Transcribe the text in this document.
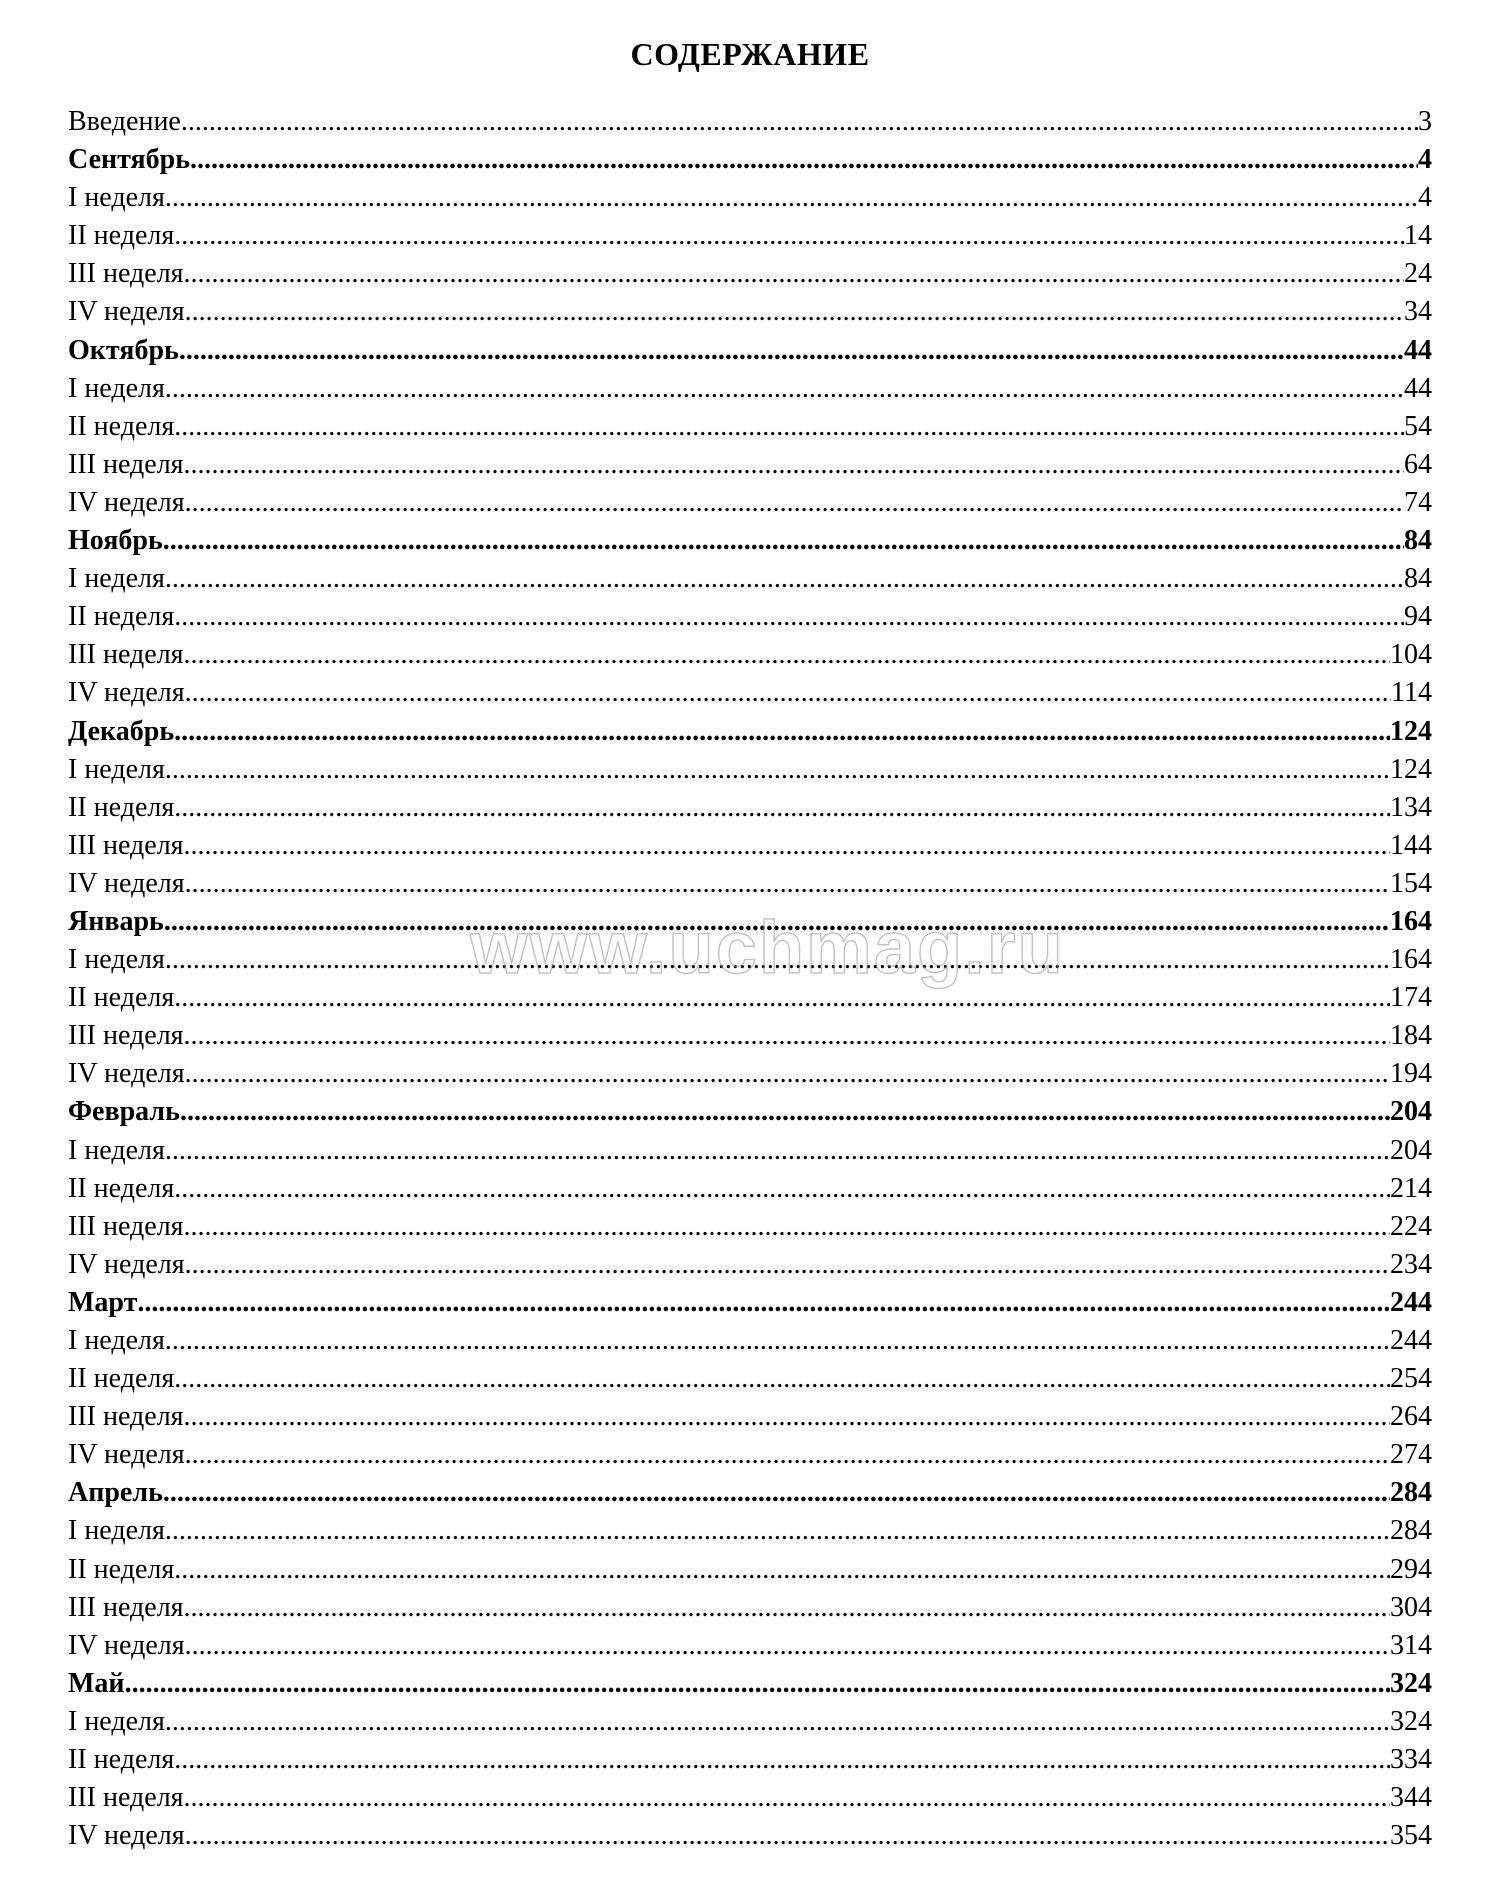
СОДЕРЖАНИЕ
Введение .....	3
Сентябрь .....	4
I неделя .....	4
II неделя .....	14
III неделя .....	24
IV неделя .....	34
Октябрь .....	44
I неделя .....	44
II неделя .....	54
III неделя .....	64
IV неделя .....	74
Ноябрь .....	84
I неделя .....	84
II неделя .....	94
III неделя .....	104
IV неделя .....	114
Декабрь .....	124
I неделя .....	124
II неделя .....	134
III неделя .....	144
IV неделя .....	154
Январь .....	164
I неделя .....	164
II неделя .....	174
III неделя .....	184
IV неделя .....	194
Февраль .....	204
I неделя .....	204
II неделя .....	214
III неделя .....	224
IV неделя .....	234
Март .....	244
I неделя .....	244
II неделя .....	254
III неделя .....	264
IV неделя .....	274
Апрель .....	284
I неделя .....	284
II неделя .....	294
III неделя .....	304
IV неделя .....	314
Май .....	324
I неделя .....	324
II неделя .....	334
III неделя .....	344
IV неделя .....	354
www.uchmag.ru
